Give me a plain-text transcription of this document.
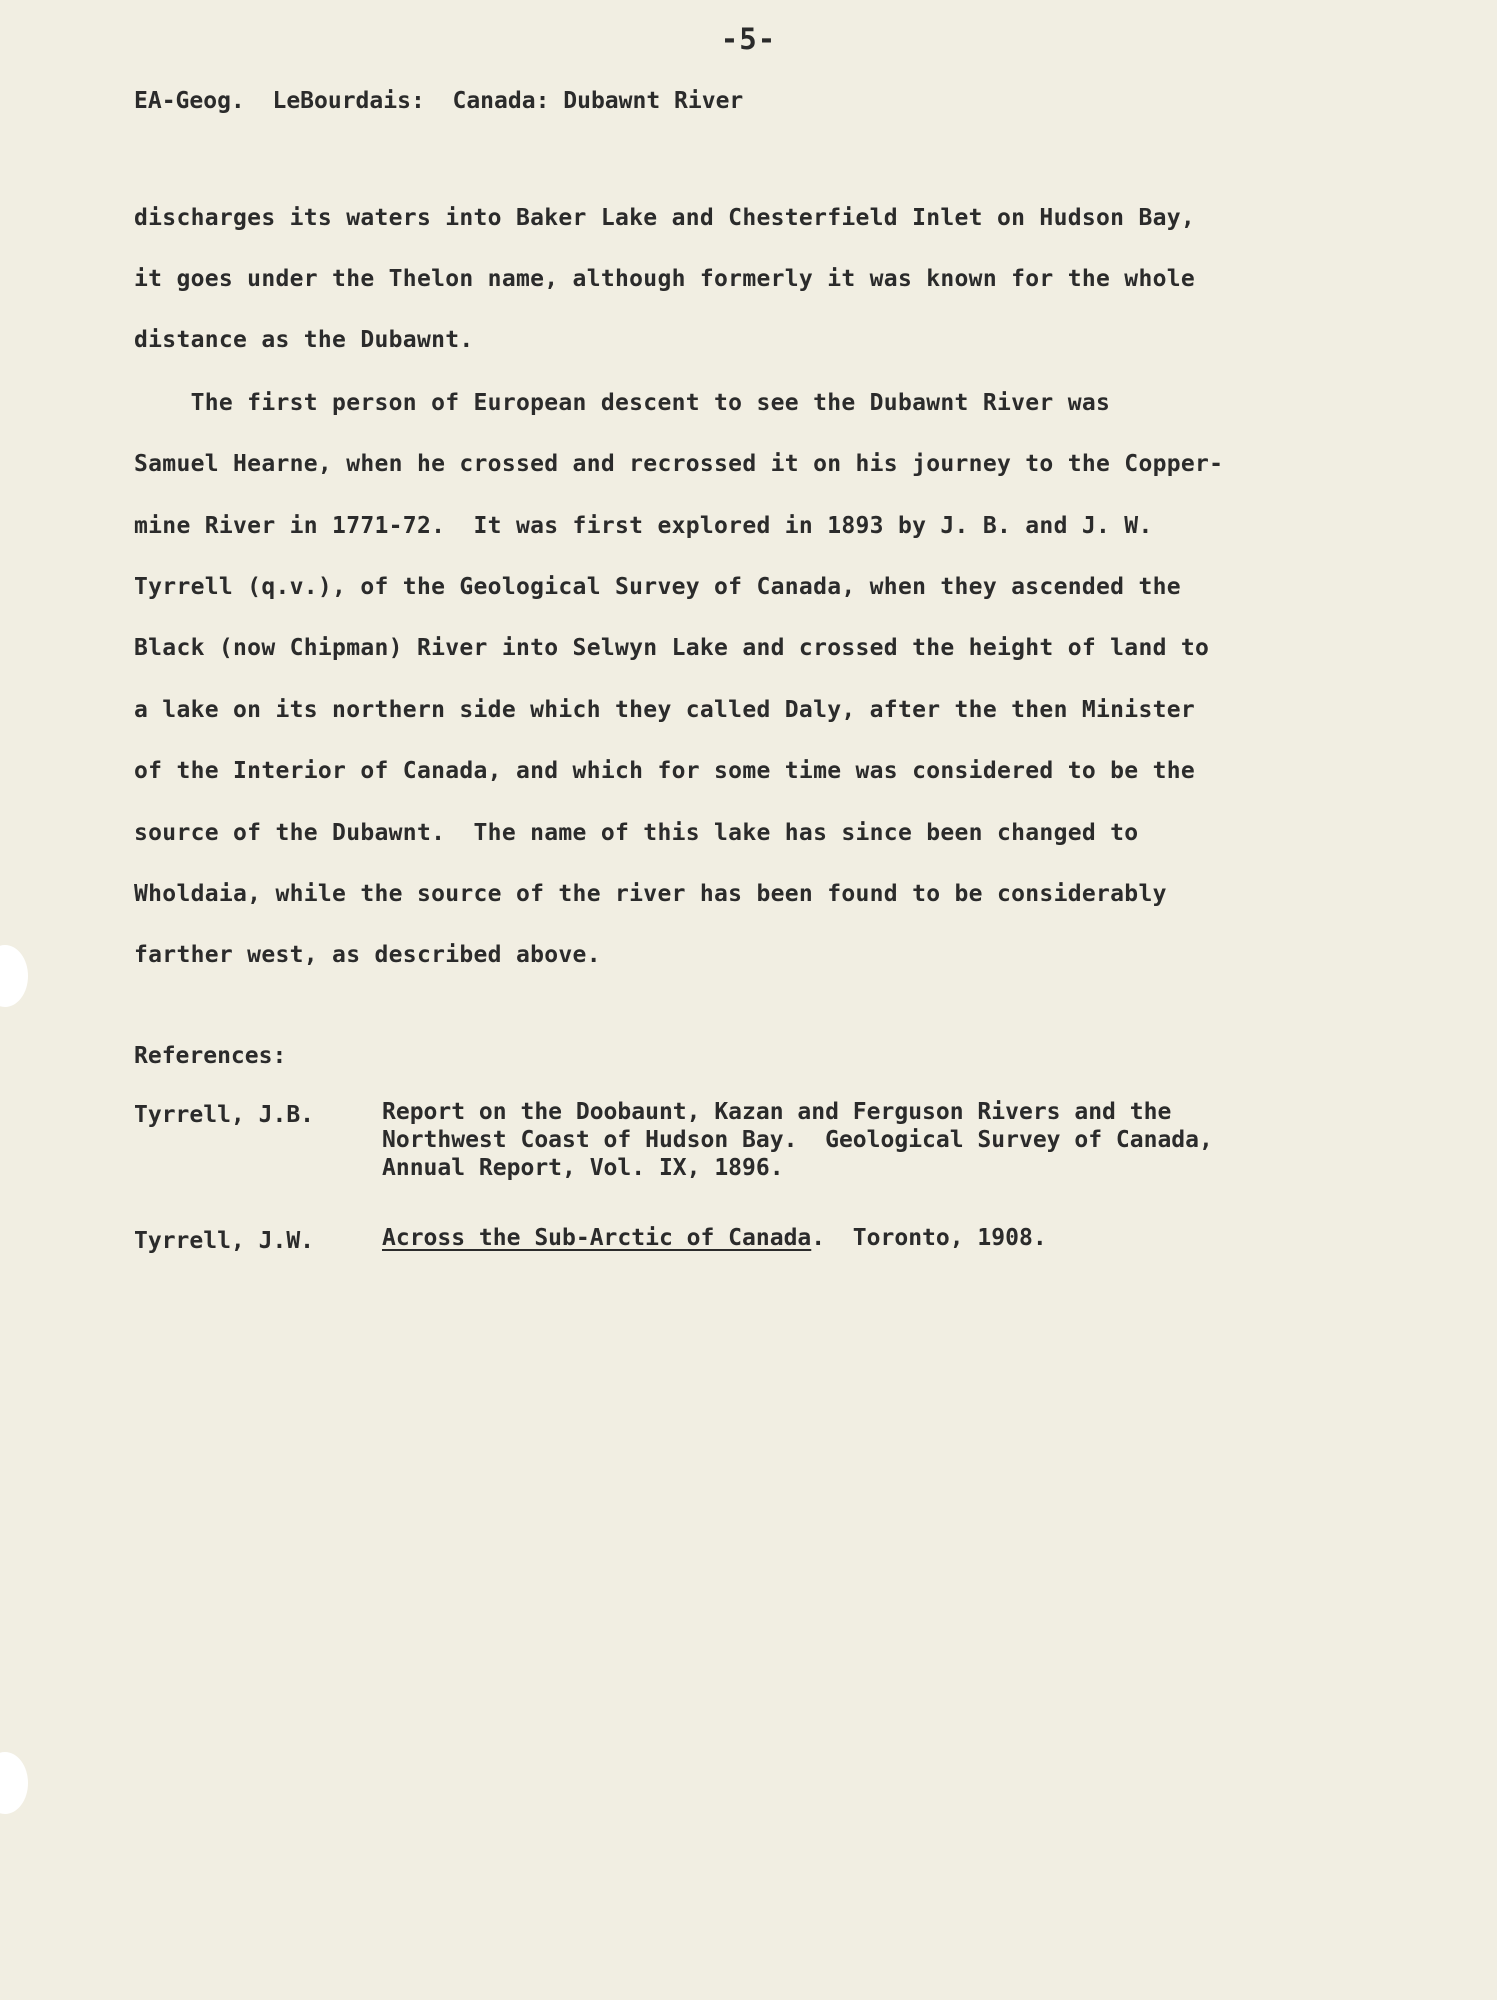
-5-
EA-Geog.  LeBourdais:  Canada: Dubawnt River
discharges its waters into Baker Lake and Chesterfield Inlet on Hudson Bay,
it goes under the Thelon name, although formerly it was known for the whole
distance as the Dubawnt.
The first person of European descent to see the Dubawnt River was
Samuel Hearne, when he crossed and recrossed it on his journey to the Copper-
mine River in 1771-72.  It was first explored in 1893 by J. B. and J. W.
Tyrrell (q.v.), of the Geological Survey of Canada, when they ascended the
Black (now Chipman) River into Selwyn Lake and crossed the height of land to
a lake on its northern side which they called Daly, after the then Minister
of the Interior of Canada, and which for some time was considered to be the
source of the Dubawnt.  The name of this lake has since been changed to
Wholdaia, while the source of the river has been found to be considerably
farther west, as described above.
References:
Tyrrell, J.B.	Report on the Doobaunt, Kazan and Ferguson Rivers and the
Northwest Coast of Hudson Bay.  Geological Survey of Canada,
Annual Report, Vol. IX, 1896.
Tyrrell, J.W.	Across the Sub-Arctic of Canada.  Toronto, 1908.
